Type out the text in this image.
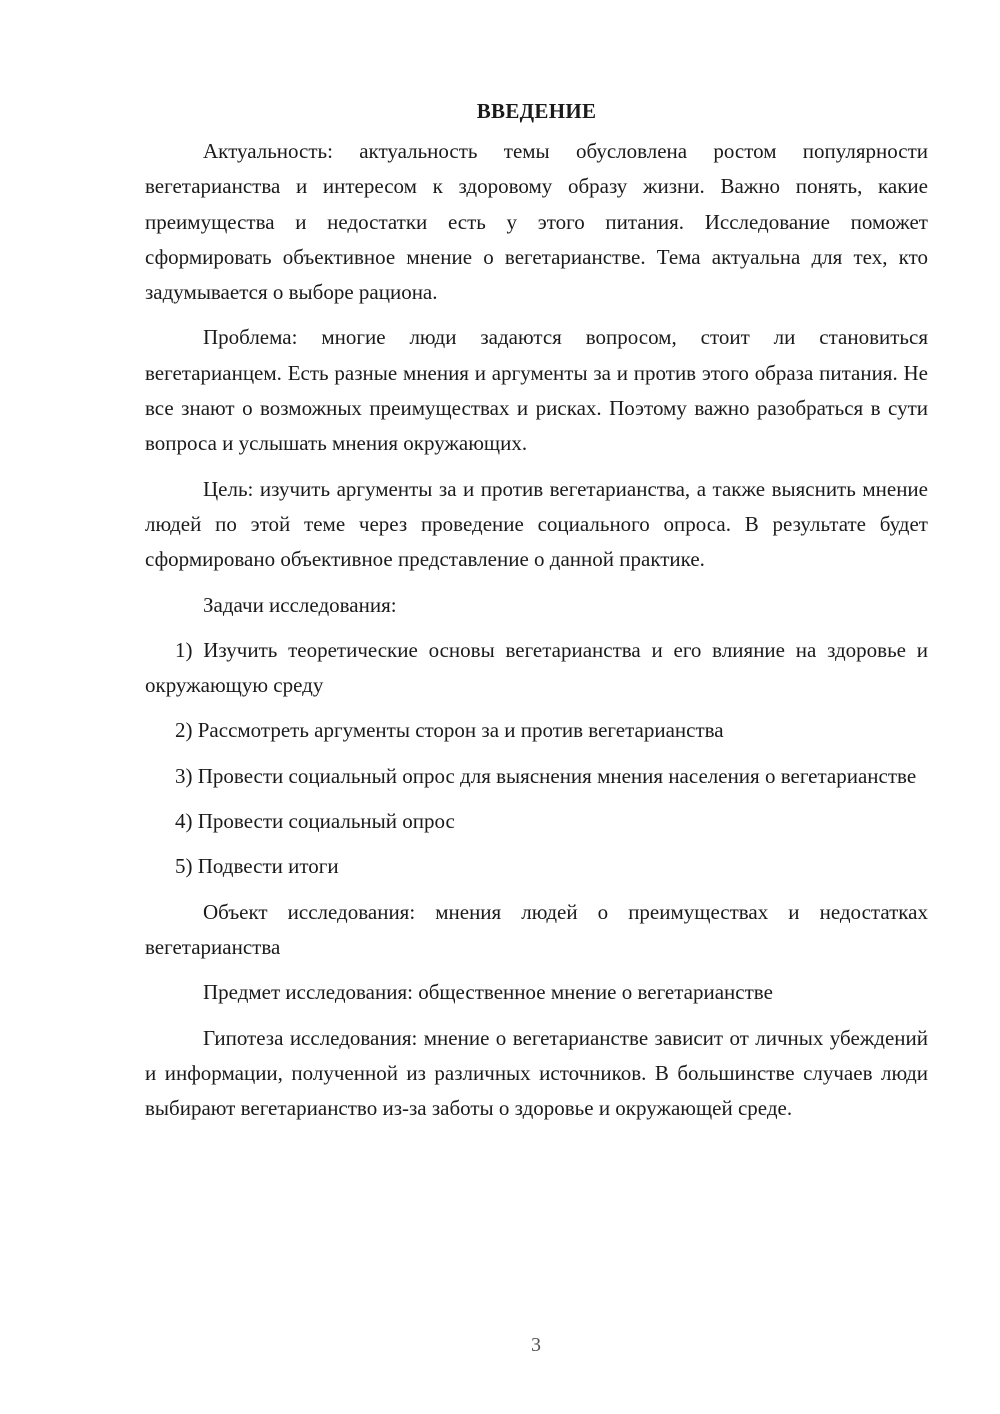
ВВЕДЕНИЕ

Актуальность: актуальность темы обусловлена ростом популярности вегетарианства и интересом к здоровому образу жизни. Важно понять, какие преимущества и недостатки есть у этого питания. Исследование поможет сформировать объективное мнение о вегетарианстве. Тема актуальна для тех, кто задумывается о выборе рациона.

Проблема: многие люди задаются вопросом, стоит ли становиться вегетарианцем. Есть разные мнения и аргументы за и против этого образа питания. Не все знают о возможных преимуществах и рисках. Поэтому важно разобраться в сути вопроса и услышать мнения окружающих.

Цель: изучить аргументы за и против вегетарианства, а также выяснить мнение людей по этой теме через проведение социального опроса. В результате будет сформировано объективное представление о данной практике.

Задачи исследования:

1) Изучить теоретические основы вегетарианства и его влияние на здоровье и окружающую среду

2) Рассмотреть аргументы сторон за и против вегетарианства

3) Провести социальный опрос для выяснения мнения населения о вегетарианстве

4) Провести социальный опрос

5) Подвести итоги

Объект исследования: мнения людей о преимуществах и недостатках вегетарианства

Предмет исследования: общественное мнение о вегетарианстве

Гипотеза исследования: мнение о вегетарианстве зависит от личных убеждений и информации, полученной из различных источников. В большинстве случаев люди выбирают вегетарианство из-за заботы о здоровье и окружающей среде.

3
